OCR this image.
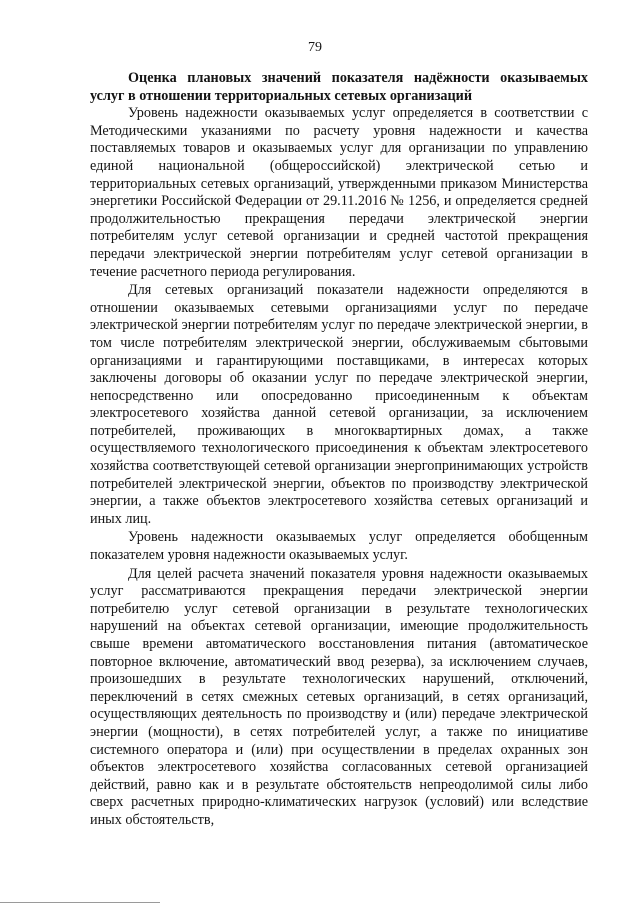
79

Оценка плановых значений показателя надёжности оказываемых услуг в отношении территориальных сетевых организаций

Уровень надежности оказываемых услуг определяется в соответствии с Методическими указаниями по расчету уровня надежности и качества поставляемых товаров и оказываемых услуг для организации по управлению единой национальной (общероссийской) электрической сетью и территориальных сетевых организаций, утвержденными приказом Министерства энергетики Российской Федерации от 29.11.2016 № 1256, и определяется средней продолжительностью прекращения передачи электрической энергии потребителям услуг сетевой организации и средней частотой прекращения передачи электрической энергии потребителям услуг сетевой организации в течение расчетного периода регулирования.

Для сетевых организаций показатели надежности определяются в отношении оказываемых сетевыми организациями услуг по передаче электрической энергии потребителям услуг по передаче электрической энергии, в том числе потребителям электрической энергии, обслуживаемым сбытовыми организациями и гарантирующими поставщиками, в интересах которых заключены договоры об оказании услуг по передаче электрической энергии, непосредственно или опосредованно присоединенным к объектам электросетевого хозяйства данной сетевой организации, за исключением потребителей, проживающих в многоквартирных домах, а также осуществляемого технологического присоединения к объектам электросетевого хозяйства соответствующей сетевой организации энергопринимающих устройств потребителей электрической энергии, объектов по производству электрической энергии, а также объектов электросетевого хозяйства сетевых организаций и иных лиц.

Уровень надежности оказываемых услуг определяется обобщенным показателем уровня надежности оказываемых услуг.

Для целей расчета значений показателя уровня надежности оказываемых услуг рассматриваются прекращения передачи электрической энергии потребителю услуг сетевой организации в результате технологических нарушений на объектах сетевой организации, имеющие продолжительность свыше времени автоматического восстановления питания (автоматическое повторное включение, автоматический ввод резерва), за исключением случаев, произошедших в результате технологических нарушений, отключений, переключений в сетях смежных сетевых организаций, в сетях организаций, осуществляющих деятельность по производству и (или) передаче электрической энергии (мощности), в сетях потребителей услуг, а также по инициативе системного оператора и (или) при осуществлении в пределах охранных зон объектов электросетевого хозяйства согласованных сетевой организацией действий, равно как и в результате обстоятельств непреодолимой силы либо сверх расчетных природно-климатических нагрузок (условий) или вследствие иных обстоятельств,
